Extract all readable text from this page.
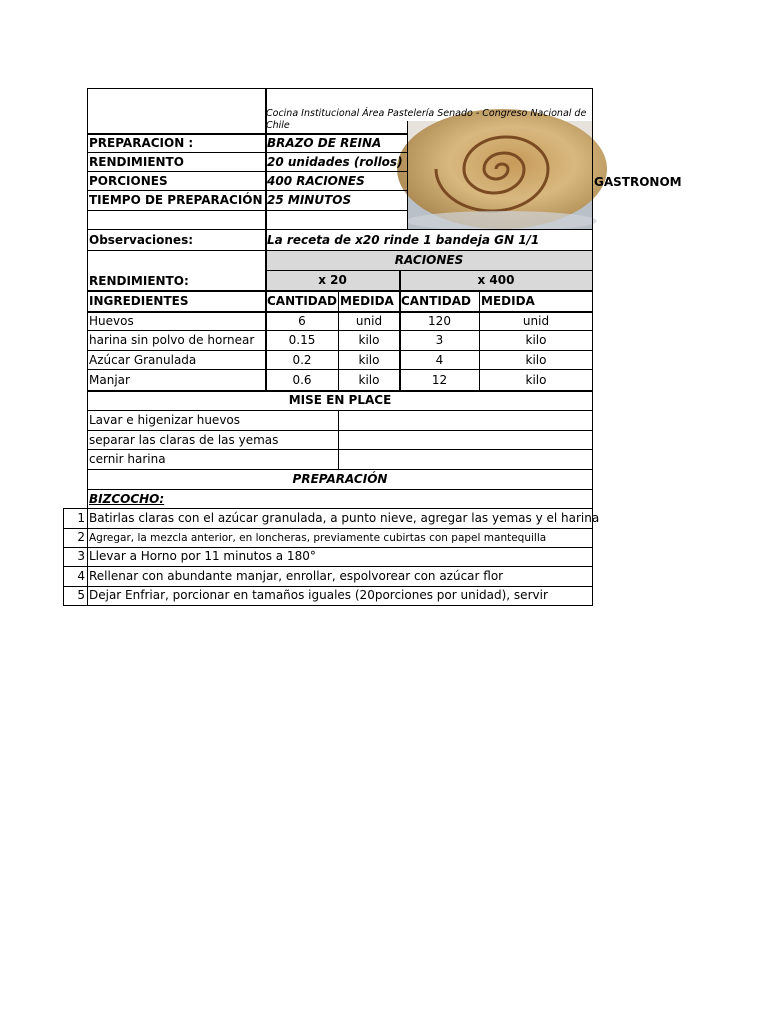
Cocina Institucional Área Pastelería Senado - Congreso Nacional de Chile
GASTRONOM
PREPARACION :	BRAZO DE REINA
RENDIMIENTO	20 unidades (rollos)
PORCIONES	400 RACIONES
TIEMPO DE PREPARACIÓN 25 MINUTOS
Observaciones:	La receta de x20 rinde 1 bandeja GN 1/1
RACIONES
RENDIMIENTO:	x 20	x 400
INGREDIENTES	CANTIDAD MEDIDA CANTIDAD MEDIDA
Huevos	6	unid	120	unid
harina sin polvo de hornear	0.15	kilo	3	kilo
Azúcar Granulada	0.2	kilo	4	kilo
Manjar	0.6	kilo	12	kilo
MISE EN PLACE
Lavar e higenizar huevos
separar las claras de las yemas
cernir harina
PREPARACIÓN
BIZCOCHO:
1 Batirlas claras con el azúcar granulada, a punto nieve, agregar las yemas y el harina
2 Agregar, la mezcla anterior, en loncheras, previamente cubirtas con papel mantequilla
3 Llevar a Horno por 11 minutos a 180°
4 Rellenar con abundante manjar, enrollar, espolvorear con azúcar flor
5 Dejar Enfriar, porcionar en tamaños iguales (20porciones por unidad), servir
